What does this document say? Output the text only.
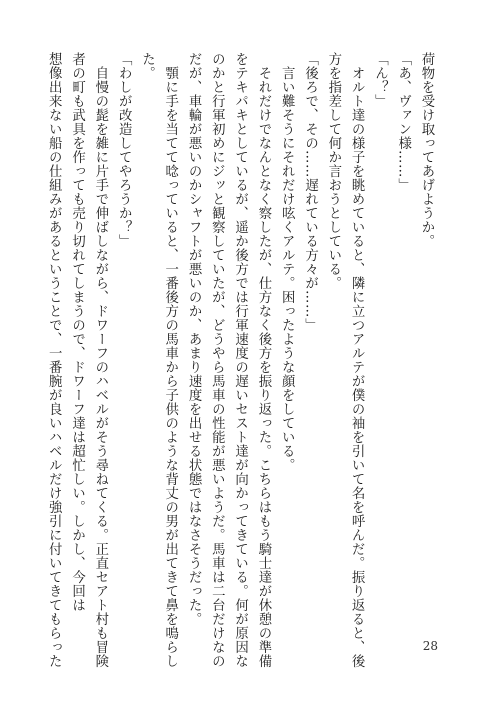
荷物を受け取ってあげようか。
「あ、ヴァン様……」
「ん？」
　オルト達の様子を眺めていると、隣に立つアルテが僕の袖を引いて名を呼んだ。振り返ると、後
方を指差して何か言おうとしている。
「後ろで、その……遅れている方々が……」
　言い難そうにそれだけ呟くアルテ。困ったような顔をしている。
　それだけでなんとなく察したが、仕方なく後方を振り返った。こちらはもう騎士達が休憩の準備
をテキパキとしているが、遥か後方では行軍速度の遅いセスト達が向かってきている。何が原因な
のかと行軍初めにジッと観察していたが、どうやら馬車の性能が悪いようだ。馬車は二台だけなの
だが、車輪が悪いのかシャフトが悪いのか、あまり速度を出せる状態ではなさそうだった。
　顎に手を当てて唸っていると、一番後方の馬車から子供のような背丈の男が出てきて鼻を鳴らし
た。
「わしが改造してやろうか？」
　自慢の髭を雑に片手で伸ばしながら、ドワーフのハベルがそう尋ねてくる。正直セアト村も冒険
者の町も武具を作っても売り切れてしまうので、ドワーフ達は超忙しい。しかし、今回は
想像出来ない船の仕組みがあるということで、一番腕が良いハベルだけ強引に付いてきてもらった	28
